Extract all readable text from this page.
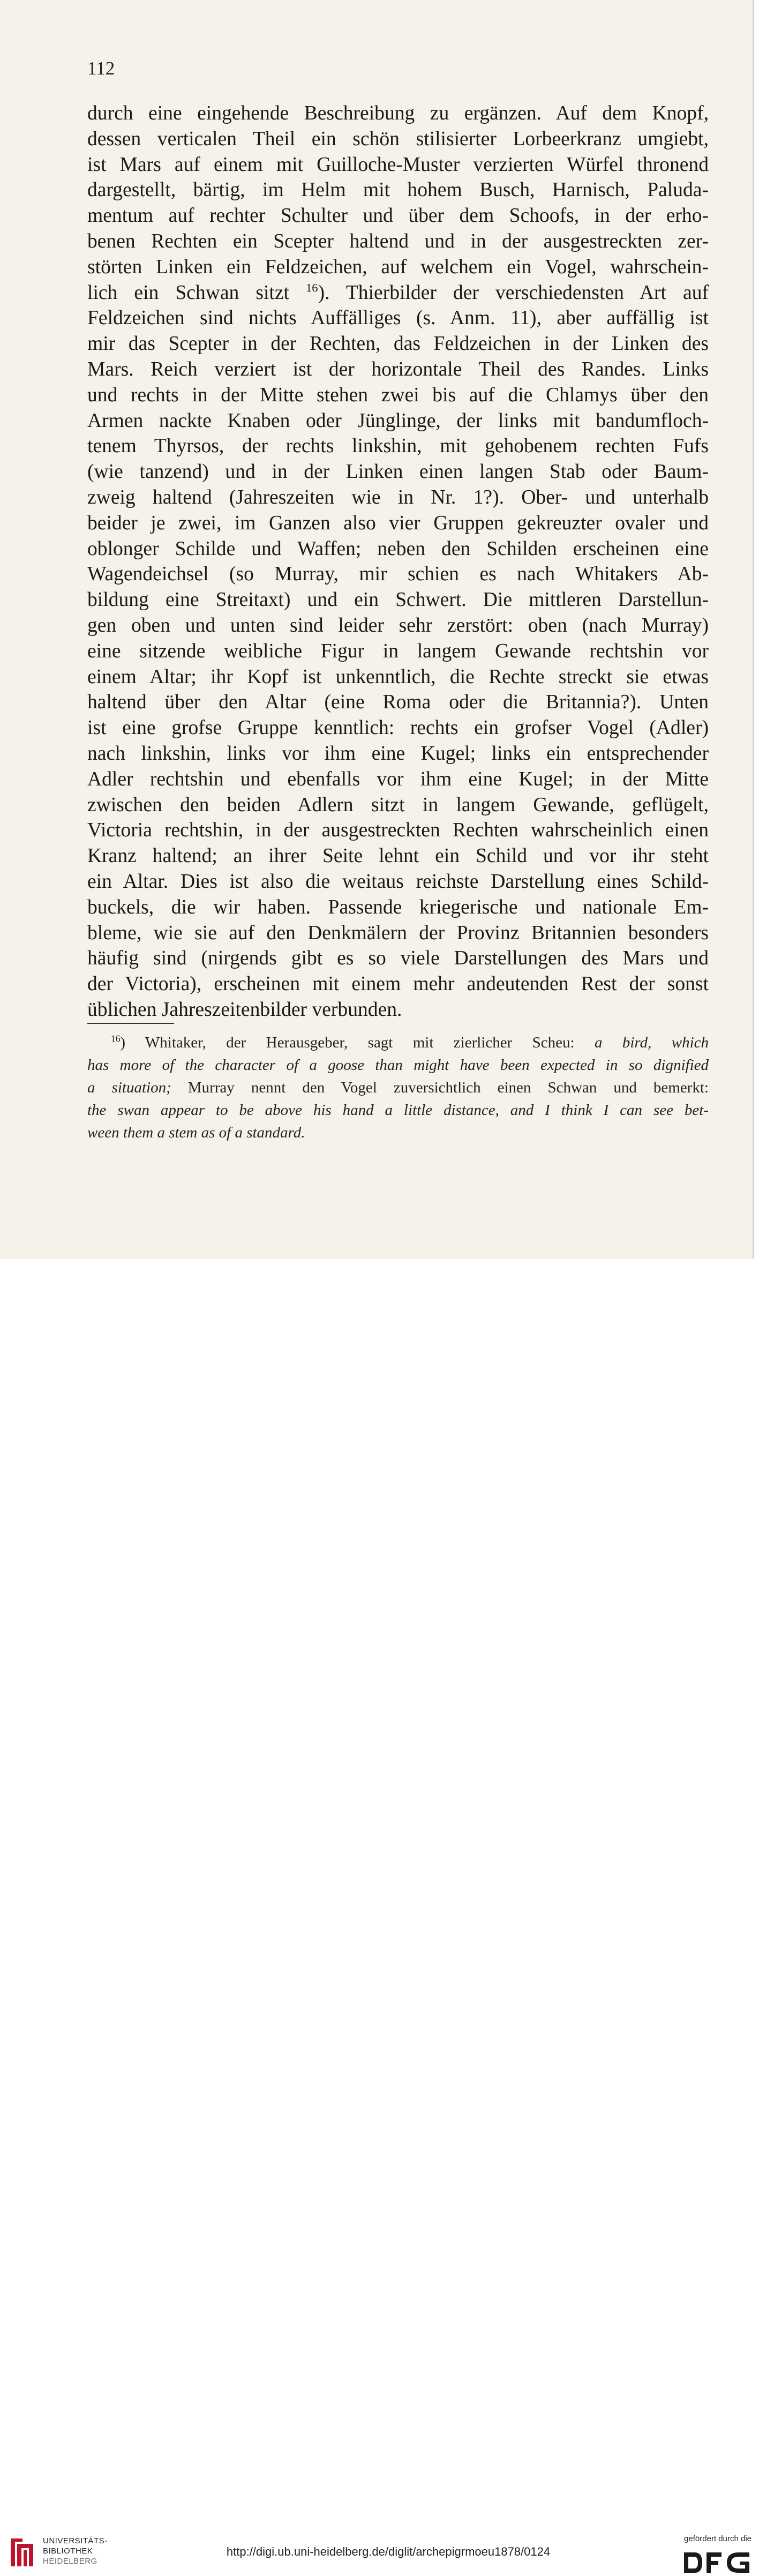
112
durch eine eingehende Beschreibung zu ergänzen. Auf dem Knopf,
dessen verticalen Theil ein schön stilisierter Lorbeerkranz umgiebt,
ist Mars auf einem mit Guilloche-Muster verzierten Würfel thronend
dargestellt, bärtig, im Helm mit hohem Busch, Harnisch, Paluda-
mentum auf rechter Schulter und über dem Schoofs, in der erho-
benen Rechten ein Scepter haltend und in der ausgestreckten zer-
störten Linken ein Feldzeichen, auf welchem ein Vogel, wahrschein-
lich ein Schwan sitzt $^{16}$). Thierbilder der verschiedensten Art auf
Feldzeichen sind nichts Auffälliges (s. Anm. 11), aber auffällig ist
mir das Scepter in der Rechten, das Feldzeichen in der Linken des
Mars. Reich verziert ist der horizontale Theil des Randes. Links
und rechts in der Mitte stehen zwei bis auf die Chlamys über den
Armen nackte Knaben oder Jünglinge, der links mit bandumfloch-
tenem Thyrsos, der rechts linkshin, mit gehobenem rechten Fufs
(wie tanzend) und in der Linken einen langen Stab oder Baum-
zweig haltend (Jahreszeiten wie in Nr. 1?). Ober- und unterhalb
beider je zwei, im Ganzen also vier Gruppen gekreuzter ovaler und
oblonger Schilde und Waffen; neben den Schilden erscheinen eine
Wagendeichsel (so Murray, mir schien es nach Whitakers Ab-
bildung eine Streitaxt) und ein Schwert. Die mittleren Darstellun-
gen oben und unten sind leider sehr zerstört: oben (nach Murray)
eine sitzende weibliche Figur in langem Gewande rechtshin vor
einem Altar; ihr Kopf ist unkenntlich, die Rechte streckt sie etwas
haltend über den Altar (eine Roma oder die Britannia?). Unten
ist eine grofse Gruppe kenntlich: rechts ein grofser Vogel (Adler)
nach linkshin, links vor ihm eine Kugel; links ein entsprechender
Adler rechtshin und ebenfalls vor ihm eine Kugel; in der Mitte
zwischen den beiden Adlern sitzt in langem Gewande, geflügelt,
Victoria rechtshin, in der ausgestreckten Rechten wahrscheinlich einen
Kranz haltend; an ihrer Seite lehnt ein Schild und vor ihr steht
ein Altar. Dies ist also die weitaus reichste Darstellung eines Schild-
buckels, die wir haben. Passende kriegerische und nationale Em-
bleme, wie sie auf den Denkmälern der Provinz Britannien besonders
häufig sind (nirgends gibt es so viele Darstellungen des Mars und
der Victoria), erscheinen mit einem mehr andeutenden Rest der sonst
üblichen Jahreszeitenbilder verbunden.
$^{16}$) Whitaker, der Herausgeber, sagt mit zierlicher Scheu: a bird, which
has more of the character of a goose than might have been expected in so dignified
a situation; Murray nennt den Vogel zuversichtlich einen Schwan und bemerkt:
the swan appear to be above his hand a little distance, and I think I can see bet-
ween them a stem as of a standard.
UNIVERSITÄTS-
BIBLIOTHEK
HEIDELBERG
http://digi.ub.uni-heidelberg.de/diglit/archepigrmoeu1878/0124
gefördert durch die
